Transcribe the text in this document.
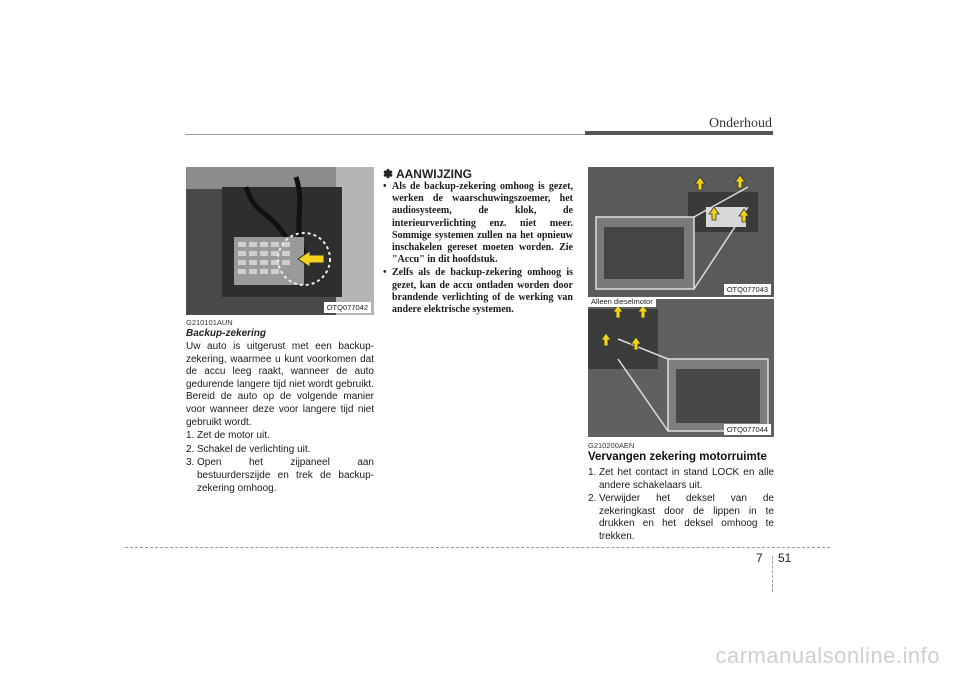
Onderhoud
OTQ077042
G210101AUN
Backup-zekering

Uw auto is uitgerust met een backup-zekering, waarmee u kunt voorkomen dat de accu leeg raakt, wanneer de auto gedurende langere tijd niet wordt gebruikt. Bereid de auto op de volgende manier voor wanneer deze voor langere tijd niet gebruikt wordt.

1. Zet de motor uit.
2. Schakel de verlichting uit.
3. Open het zijpaneel aan bestuurderszijde en trek de backup-zekering omhoog.
✽ AANWIJZING
• Als de backup-zekering omhoog is gezet, werken de waarschuwingszoemer, het audiosysteem, de klok, de interieurverlichting enz. niet meer. Sommige systemen zullen na het opnieuw inschakelen gereset moeten worden. Zie "Accu" in dit hoofdstuk.
• Zelfs als de backup-zekering omhoog is gezet, kan de accu ontladen worden door brandende verlichting of de werking van andere elektrische systemen.
OTQ077043
OTQ077044
Alleen dieselmotor
G210200AEN
Vervangen zekering motorruimte
1. Zet het contact in stand LOCK en alle andere schakelaars uit.
2. Verwijder het deksel van de zekeringkast door de lippen in te drukken en het deksel omhoog te trekken.
7 51
carmanualsonline.info
